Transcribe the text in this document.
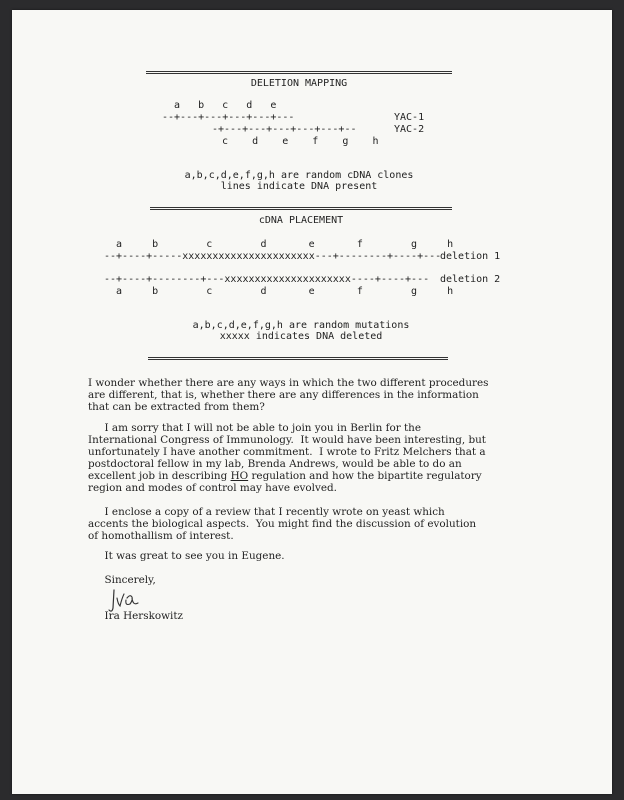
DELETION MAPPING
a   b   c   d   e
--+---+---+---+---+---	YAC-1
-+---+---+---+---+---+--	YAC-2
c    d    e    f    g    h
a,b,c,d,e,f,g,h are random cDNA clones
lines indicate DNA present
cDNA PLACEMENT
a     b        c        d       e       f        g     h
--+----+-----xxxxxxxxxxxxxxxxxxxxxx---+--------+----+---
deletion 1
--+----+--------+---xxxxxxxxxxxxxxxxxxxxx----+----+--- deletion 2
a     b        c        d       e       f        g     h
a,b,c,d,e,f,g,h are random mutations
xxxxx indicates DNA deleted
I wonder whether there are any ways in which the two different procedures
are different, that is, whether there are any differences in the information
that can be extracted from them?
I am sorry that I will not be able to join you in Berlin for the
International Congress of Immunology.  It would have been interesting, but
unfortunately I have another commitment.  I wrote to Fritz Melchers that a
postdoctoral fellow in my lab, Brenda Andrews, would be able to do an
excellent job in describing HO regulation and how the bipartite regulatory
region and modes of control may have evolved.
I enclose a copy of a review that I recently wrote on yeast which
accents the biological aspects.  You might find the discussion of evolution
of homothallism of interest.
It was great to see you in Eugene.
Sincerely,
Ira Herskowitz
